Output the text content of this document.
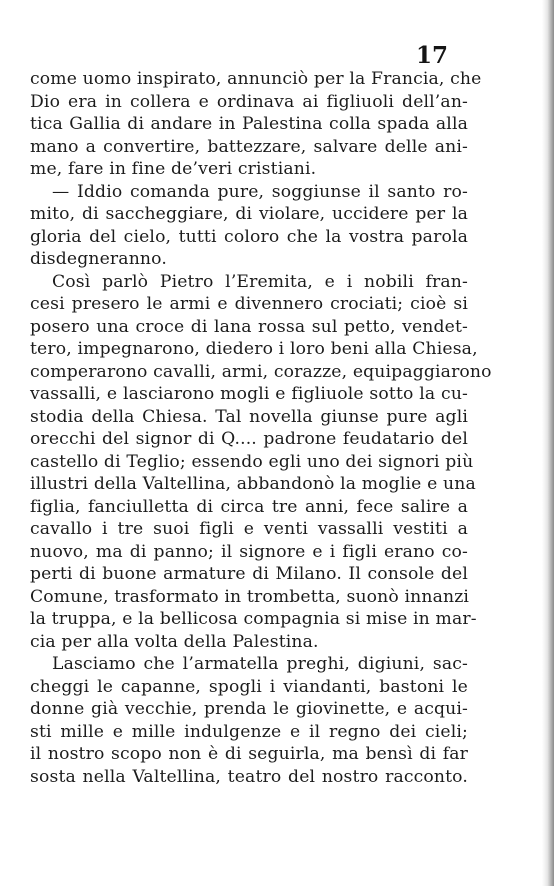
17
come uomo inspirato, annunciò per la Francia, che
Dio era in collera e ordinava ai figliuoli dell’an-
tica Gallia di andare in Palestina colla spada alla
mano a convertire, battezzare, salvare delle ani-
me, fare in fine de’veri cristiani.
— Iddio comanda pure, soggiunse il santo ro-
mito, di saccheggiare, di violare, uccidere per la
gloria del cielo, tutti coloro che la vostra parola
disdegneranno.
Così parlò Pietro l’Eremita, e i nobili fran-
cesi presero le armi e divennero crociati; cioè si
posero una croce di lana rossa sul petto, vendet-
tero, impegnarono, diedero i loro beni alla Chiesa,
comperarono cavalli, armi, corazze, equipaggiarono
vassalli, e lasciarono mogli e figliuole sotto la cu-
stodia della Chiesa. Tal novella giunse pure agli
orecchi del signor di Q.... padrone feudatario del
castello di Teglio; essendo egli uno dei signori più
illustri della Valtellina, abbandonò la moglie e una
figlia, fanciulletta di circa tre anni, fece salire a
cavallo i tre suoi figli e venti vassalli vestiti a
nuovo, ma di panno; il signore e i figli erano co-
perti di buone armature di Milano. Il console del
Comune, trasformato in trombetta, suonò innanzi
la truppa, e la bellicosa compagnia si mise in mar-
cia per alla volta della Palestina.
Lasciamo che l’armatella preghi, digiuni, sac-
cheggi le capanne, spogli i viandanti, bastoni le
donne già vecchie, prenda le giovinette, e acqui-
sti mille e mille indulgenze e il regno dei cieli;
il nostro scopo non è di seguirla, ma bensì di far
sosta nella Valtellina, teatro del nostro racconto.
